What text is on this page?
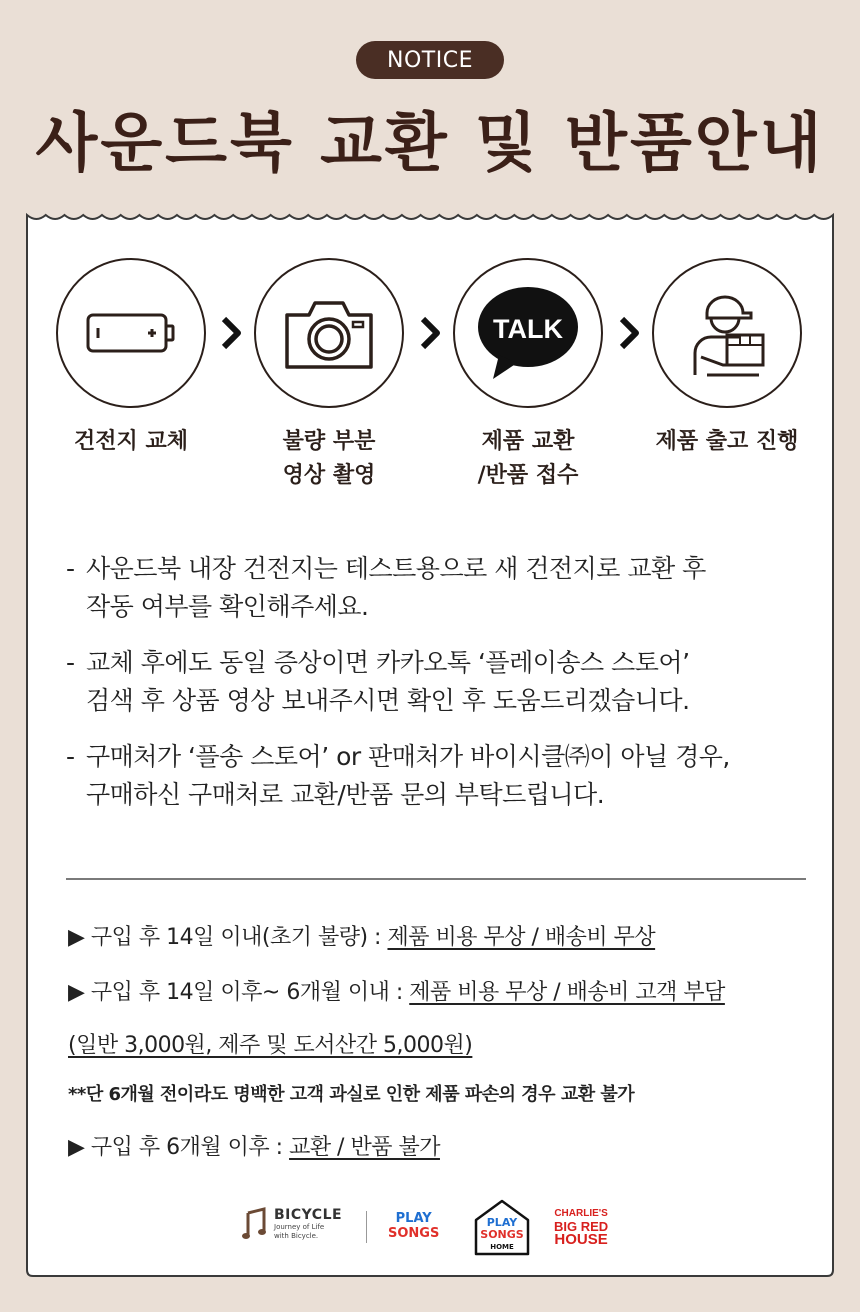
NOTICE
사운드북 교환 및 반품안내
TALK
건전지 교체	불량 부분
영상 촬영
제품 교환
/반품 접수
제품 출고 진행
- 사운드북 내장 건전지는 테스트용으로 새 건전지로 교환 후

작동 여부를 확인해주세요.

- 교체 후에도 동일 증상이면 카카오톡 ‘플레이송스 스토어’

검색 후 상품 영상 보내주시면 확인 후 도움드리겠습니다.

- 구매처가 ‘플송 스토어’ or 판매처가 바이시클㈜이 아닐 경우,

구매하신 구매처로 교환/반품 문의 부탁드립니다.

▶ 구입 후 14일 이내(초기 불량) : 제품 비용 무상 / 배송비 무상
▶ 구입 후 14일 이후~ 6개월 이내 : 제품 비용 무상 / 배송비 고객 부담
(일반 3,000원, 제주 및 도서산간 5,000원)
**단 6개월 전이라도 명백한 고객 과실로 인한 제품 파손의 경우 교환 불가
▶ 구입 후 6개월 이후 : 교환 / 반품 불가
BICYCLE
Journey of Life
with Bicycle.
PLAY
SONGS
PLAY
SONGS
HOME
CHARLIE'S
BIG RED
HOUSE
